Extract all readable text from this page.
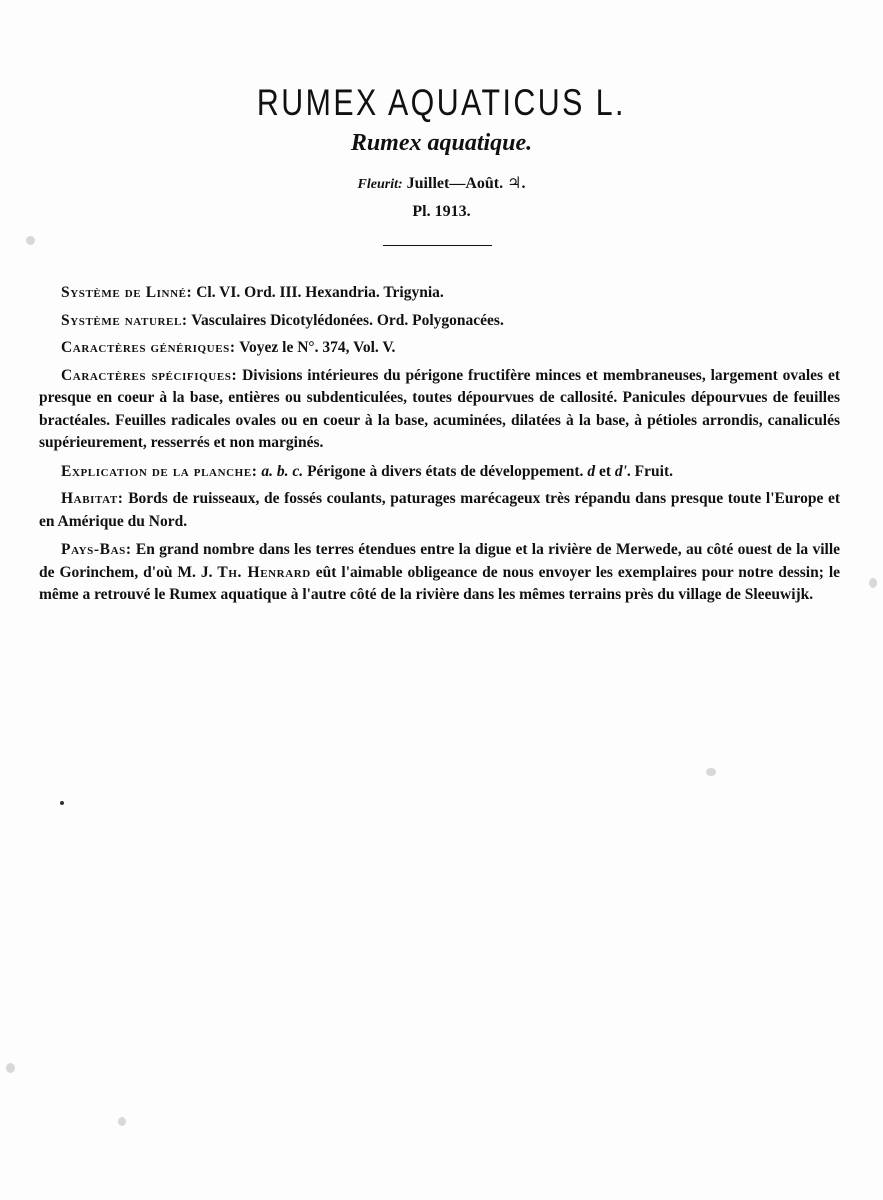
RUMEX AQUATICUS L.
Rumex aquatique.
Fleurit: Juillet—Août. ♃.
Pl. 1913.

Système de Linné: Cl. VI. Ord. III. Hexandria. Trigynia.

Système naturel: Vasculaires Dicotylédonées. Ord. Polygonacées.

Caractères génériques: Voyez le N°. 374, Vol. V.

Caractères spécifiques: Divisions intérieures du périgone fructifère minces et membraneuses, largement ovales et presque en coeur à la base, entières ou subdenticulées, toutes dépourvues de callosité. Panicules dépourvues de feuilles bractéales. Feuilles radicales ovales ou en coeur à la base, acuminées, dilatées à la base, à pétioles arrondis, canaliculés supérieurement, resserrés et non marginés.

Explication de la planche: a. b. c. Périgone à divers états de développement. d et d'. Fruit.

Habitat: Bords de ruisseaux, de fossés coulants, paturages marécageux très répandu dans presque toute l'Europe et en Amérique du Nord.

Pays-Bas: En grand nombre dans les terres étendues entre la digue et la rivière de Merwede, au côté ouest de la ville de Gorinchem, d'où M. J. Th. Henrard eût l'aimable obligeance de nous envoyer les exemplaires pour notre dessin; le même a retrouvé le Rumex aquatique à l'autre côté de la rivière dans les mêmes terrains près du village de Sleeuwijk.
